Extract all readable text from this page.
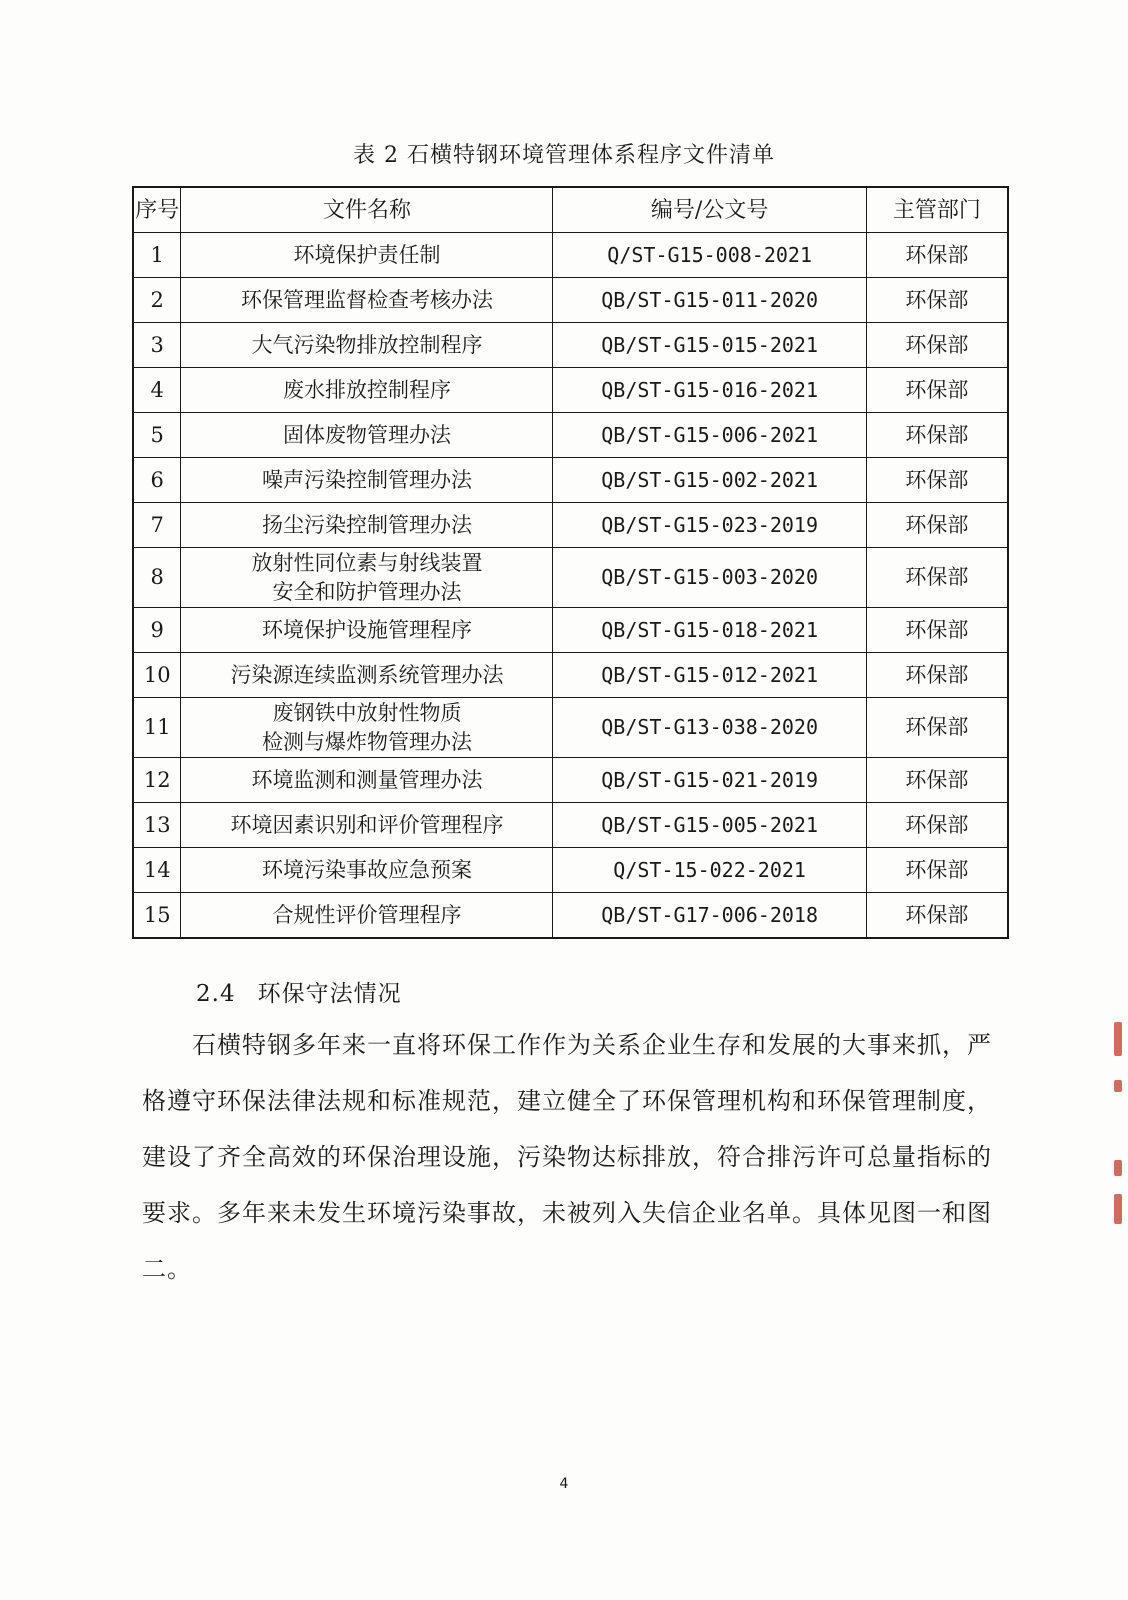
表 2 石横特钢环境管理体系程序文件清单
序号	文件名称	编号/公文号	主管部门
1	环境保护责任制	Q/ST-G15-008-2021	环保部
2	环保管理监督检查考核办法	QB/ST-G15-011-2020	环保部
3	大气污染物排放控制程序	QB/ST-G15-015-2021	环保部
4	废水排放控制程序	QB/ST-G15-016-2021	环保部
5	固体废物管理办法	QB/ST-G15-006-2021	环保部
6	噪声污染控制管理办法	QB/ST-G15-002-2021	环保部
7	扬尘污染控制管理办法	QB/ST-G15-023-2019	环保部
8	放射性同位素与射线装置
安全和防护管理办法	QB/ST-G15-003-2020	环保部
9	环境保护设施管理程序	QB/ST-G15-018-2021	环保部
10	污染源连续监测系统管理办法	QB/ST-G15-012-2021	环保部
11	废钢铁中放射性物质
检测与爆炸物管理办法	QB/ST-G13-038-2020	环保部
12	环境监测和测量管理办法	QB/ST-G15-021-2019	环保部
13	环境因素识别和评价管理程序	QB/ST-G15-005-2021	环保部
14	环境污染事故应急预案	Q/ST-15-022-2021	环保部
15	合规性评价管理程序	QB/ST-G17-006-2018	环保部
2.4 环保守法情况

石横特钢多年来一直将环保工作作为关系企业生存和发展的大事来抓，严格遵守环保法律法规和标准规范，建立健全了环保管理机构和环保管理制度，建设了齐全高效的环保治理设施，污染物达标排放，符合排污许可总量指标的要求。多年来未发生环境污染事故，未被列入失信企业名单。具体见图一和图二。

4
